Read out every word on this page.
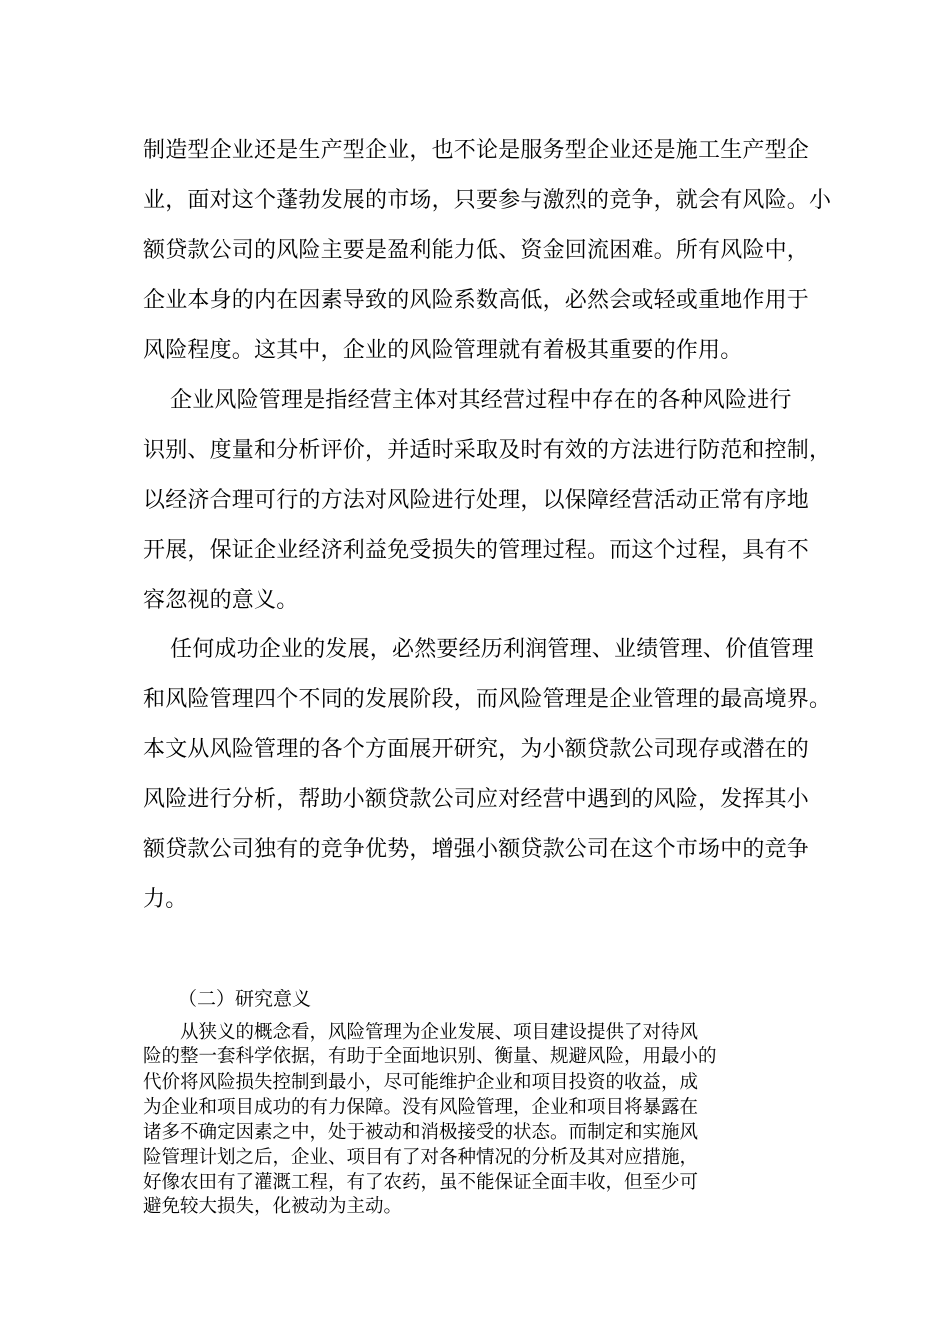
制造型企业还是生产型企业，也不论是服务型企业还是施工生产型企
业，面对这个蓬勃发展的市场，只要参与激烈的竞争，就会有风险。小
额贷款公司的风险主要是盈利能力低、资金回流困难。所有风险中，
企业本身的内在因素导致的风险系数高低，必然会或轻或重地作用于
风险程度。这其中，企业的风险管理就有着极其重要的作用。
企业风险管理是指经营主体对其经营过程中存在的各种风险进行
识别、度量和分析评价，并适时采取及时有效的方法进行防范和控制，
以经济合理可行的方法对风险进行处理，以保障经营活动正常有序地
开展，保证企业经济利益免受损失的管理过程。而这个过程，具有不
容忽视的意义。
任何成功企业的发展，必然要经历利润管理、业绩管理、价值管理
和风险管理四个不同的发展阶段，而风险管理是企业管理的最高境界。
本文从风险管理的各个方面展开研究，为小额贷款公司现存或潜在的
风险进行分析，帮助小额贷款公司应对经营中遇到的风险，发挥其小
额贷款公司独有的竞争优势，增强小额贷款公司在这个市场中的竞争
力。
（二）研究意义
从狭义的概念看，风险管理为企业发展、项目建设提供了对待风
险的整一套科学依据，有助于全面地识别、衡量、规避风险，用最小的
代价将风险损失控制到最小，尽可能维护企业和项目投资的收益，成
为企业和项目成功的有力保障。没有风险管理，企业和项目将暴露在
诸多不确定因素之中，处于被动和消极接受的状态。而制定和实施风
险管理计划之后，企业、项目有了对各种情况的分析及其对应措施，
好像农田有了灌溉工程，有了农药，虽不能保证全面丰收，但至少可
避免较大损失，化被动为主动。
